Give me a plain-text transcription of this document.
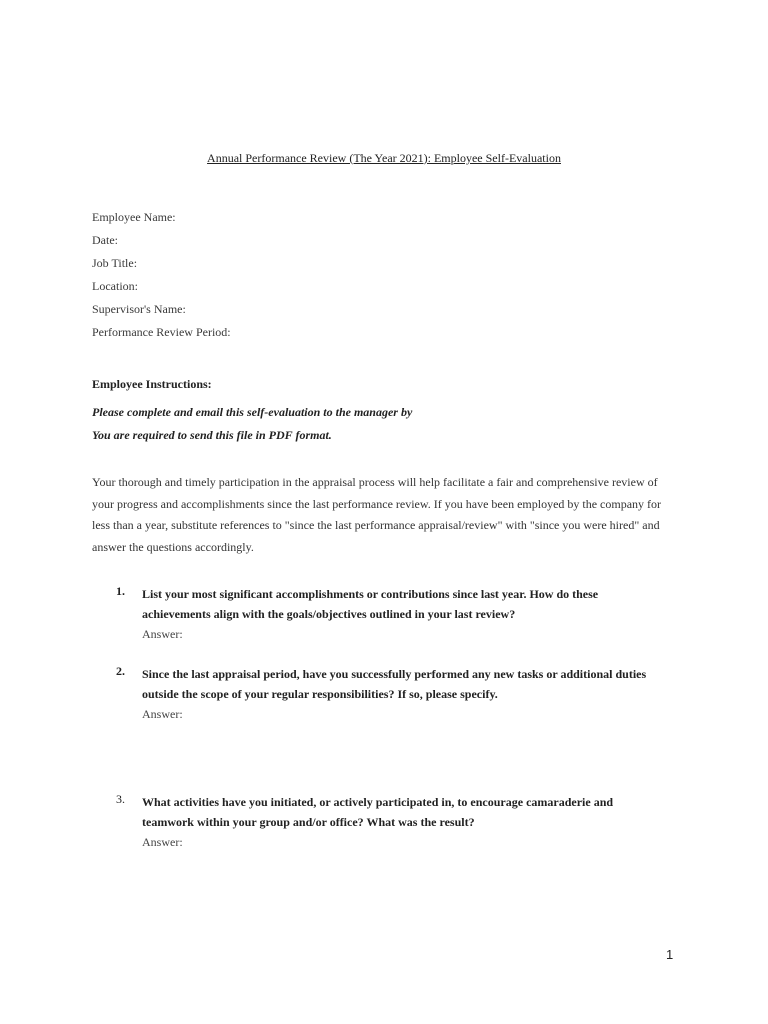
Annual Performance Review (The Year 2021): Employee Self-Evaluation
Employee Name:
Date:
Job Title:
Location:
Supervisor's Name:
Performance Review Period:
Employee Instructions:
Please complete and email this self-evaluation to the manager by
You are required to send this file in PDF format.
Your thorough and timely participation in the appraisal process will help facilitate a fair and comprehensive review of your progress and accomplishments since the last performance review. If you have been employed by the company for less than a year, substitute references to "since the last performance appraisal/review" with "since you were hired" and answer the questions accordingly.
1. List your most significant accomplishments or contributions since last year. How do these achievements align with the goals/objectives outlined in your last review?
Answer:
2. Since the last appraisal period, have you successfully performed any new tasks or additional duties outside the scope of your regular responsibilities? If so, please specify.
Answer:
3. What activities have you initiated, or actively participated in, to encourage camaraderie and teamwork within your group and/or office? What was the result?
Answer:
1
